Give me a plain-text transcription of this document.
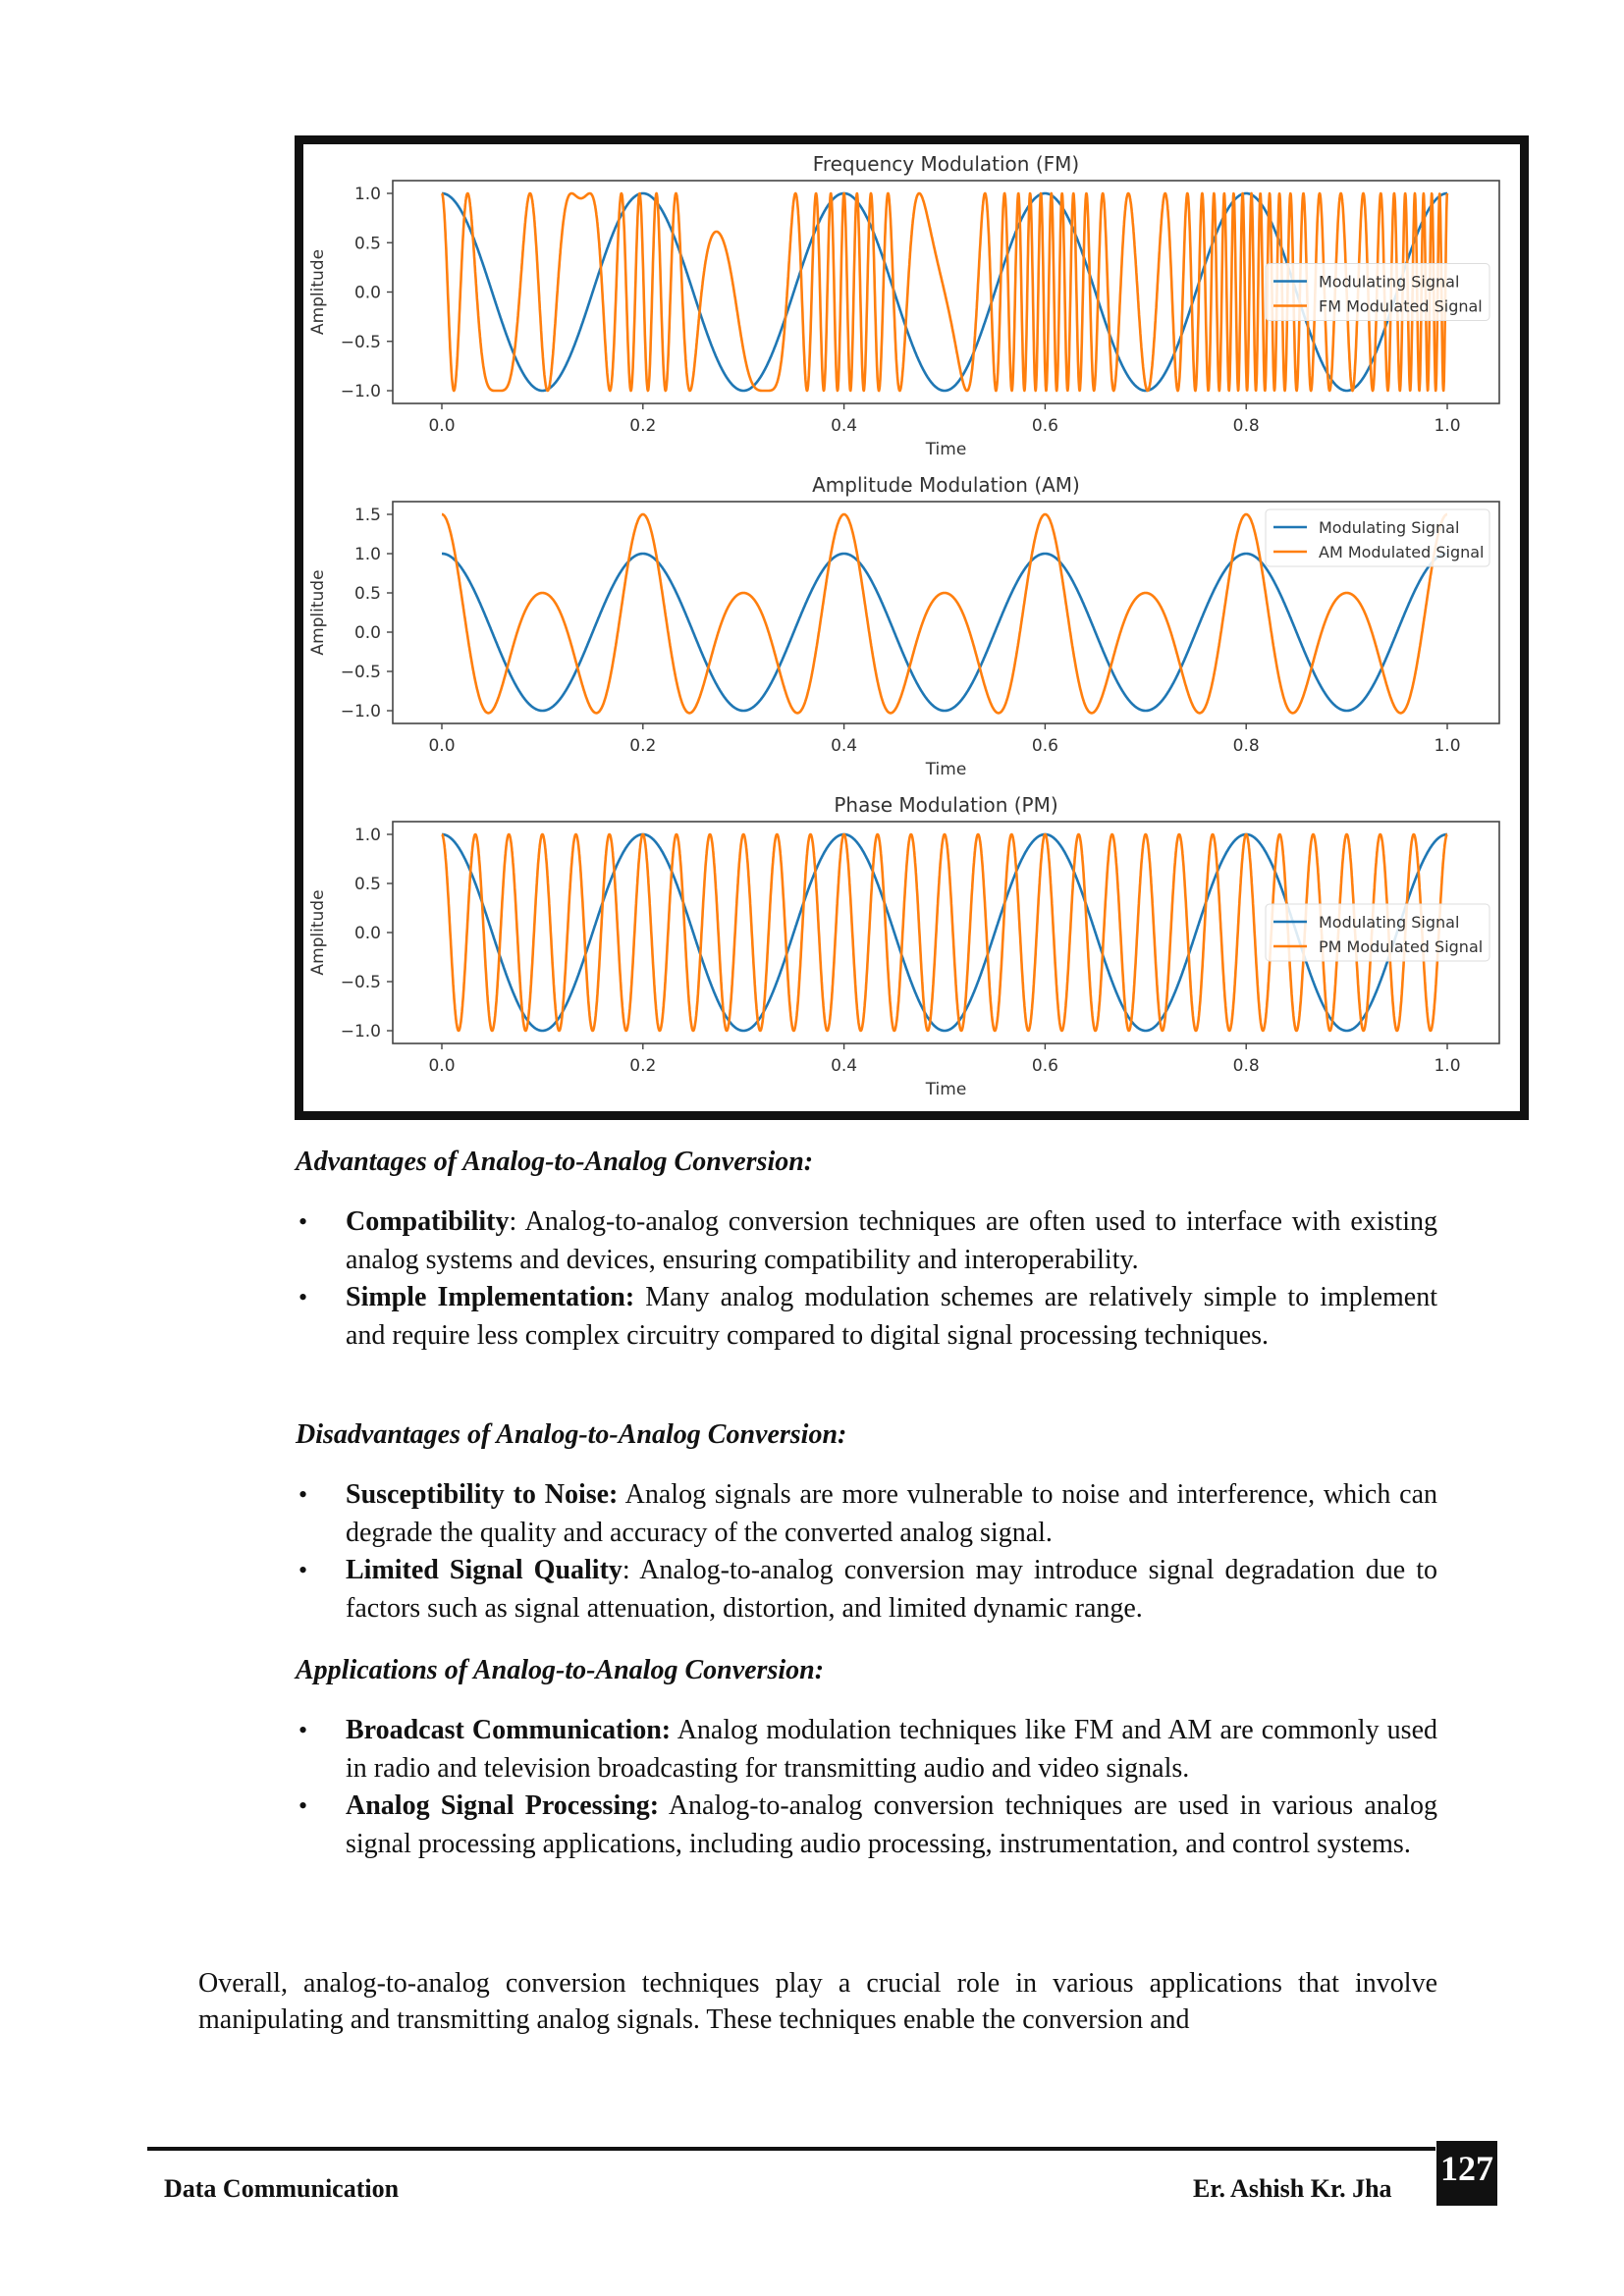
Frequency Modulation (FM)
0.0	0.2	0.4	0.6	0.8	1.0
1.0
0.5
0.0
−0.5
−1.0
Time
Amplitude	Modulating Signal
FM Modulated Signal
Amplitude Modulation (AM)
0.0	0.2	0.4	0.6	0.8	1.0
1.5
1.0
0.5
0.0
−0.5
−1.0
Time
Amplitude
Modulating Signal
AM Modulated Signal
Phase Modulation (PM)
0.0	0.2	0.4	0.6	0.8	1.0
1.0
0.5
0.0
−0.5
−1.0
Time
Amplitude	Modulating Signal
PM Modulated Signal
Advantages of Analog-to-Analog Conversion:
• Compatibility: Analog-to-analog conversion techniques are often used to interface with existing analog systems and devices, ensuring compatibility and interoperability.
• Simple Implementation: Many analog modulation schemes are relatively simple to implement and require less complex circuitry compared to digital signal processing techniques.
Disadvantages of Analog-to-Analog Conversion:
• Susceptibility to Noise: Analog signals are more vulnerable to noise and interference, which can degrade the quality and accuracy of the converted analog signal.
• Limited Signal Quality: Analog-to-analog conversion may introduce signal degradation due to factors such as signal attenuation, distortion, and limited dynamic range.
Applications of Analog-to-Analog Conversion:
• Broadcast Communication: Analog modulation techniques like FM and AM are commonly used in radio and television broadcasting for transmitting audio and video signals.
• Analog Signal Processing: Analog-to-analog conversion techniques are used in various analog signal processing applications, including audio processing, instrumentation, and control systems.

Overall, analog-to-analog conversion techniques play a crucial role in various applications that involve manipulating and transmitting analog signals. These techniques enable the conversion and

Data Communication	Er. Ashish Kr. Jha
127
